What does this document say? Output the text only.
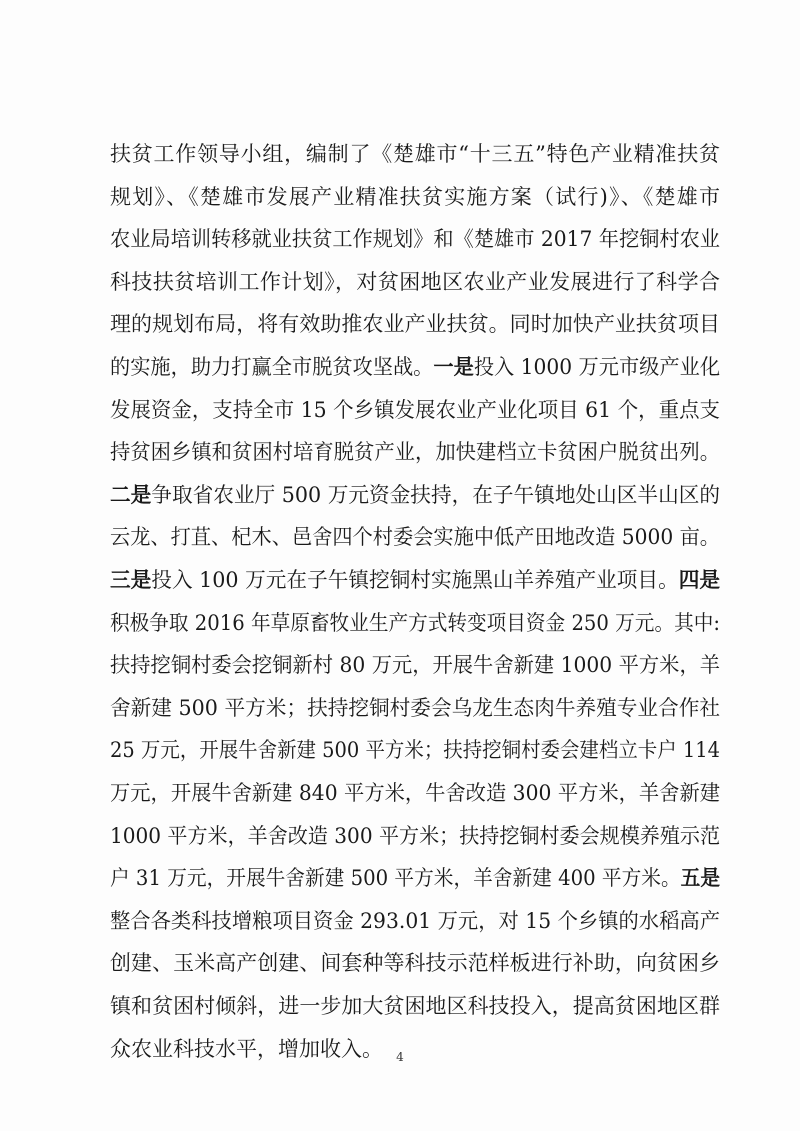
扶贫工作领导小组，编制了《楚雄市“十三五”特色产业精准扶贫
规划》、《楚雄市发展产业精准扶贫实施方案（试行)》、《楚雄市
农业局培训转移就业扶贫工作规划》和《楚雄市 2017 年挖铜村农业
科技扶贫培训工作计划》，对贫困地区农业产业发展进行了科学合
理的规划布局，将有效助推农业产业扶贫。同时加快产业扶贫项目
的实施，助力打赢全市脱贫攻坚战。一是投入 1000 万元市级产业化
发展资金，支持全市 15 个乡镇发展农业产业化项目 61 个，重点支
持贫困乡镇和贫困村培育脱贫产业，加快建档立卡贫困户脱贫出列。
二是争取省农业厅 500 万元资金扶持，在子午镇地处山区半山区的
云龙、打苴、杞木、邑舍四个村委会实施中低产田地改造 5000 亩。
三是投入 100 万元在子午镇挖铜村实施黑山羊养殖产业项目。四是
积极争取 2016 年草原畜牧业生产方式转变项目资金 250 万元。其中:
扶持挖铜村委会挖铜新村 80 万元，开展牛舍新建 1000 平方米，羊
舍新建 500 平方米；扶持挖铜村委会乌龙生态肉牛养殖专业合作社
25 万元，开展牛舍新建 500 平方米；扶持挖铜村委会建档立卡户 114
万元，开展牛舍新建 840 平方米，牛舍改造 300 平方米，羊舍新建
1000 平方米，羊舍改造 300 平方米；扶持挖铜村委会规模养殖示范
户 31 万元，开展牛舍新建 500 平方米，羊舍新建 400 平方米。五是
整合各类科技增粮项目资金 293.01 万元，对 15 个乡镇的水稻高产
创建、玉米高产创建、间套种等科技示范样板进行补助，向贫困乡
镇和贫困村倾斜，进一步加大贫困地区科技投入，提高贫困地区群
众农业科技水平，增加收入。	4
